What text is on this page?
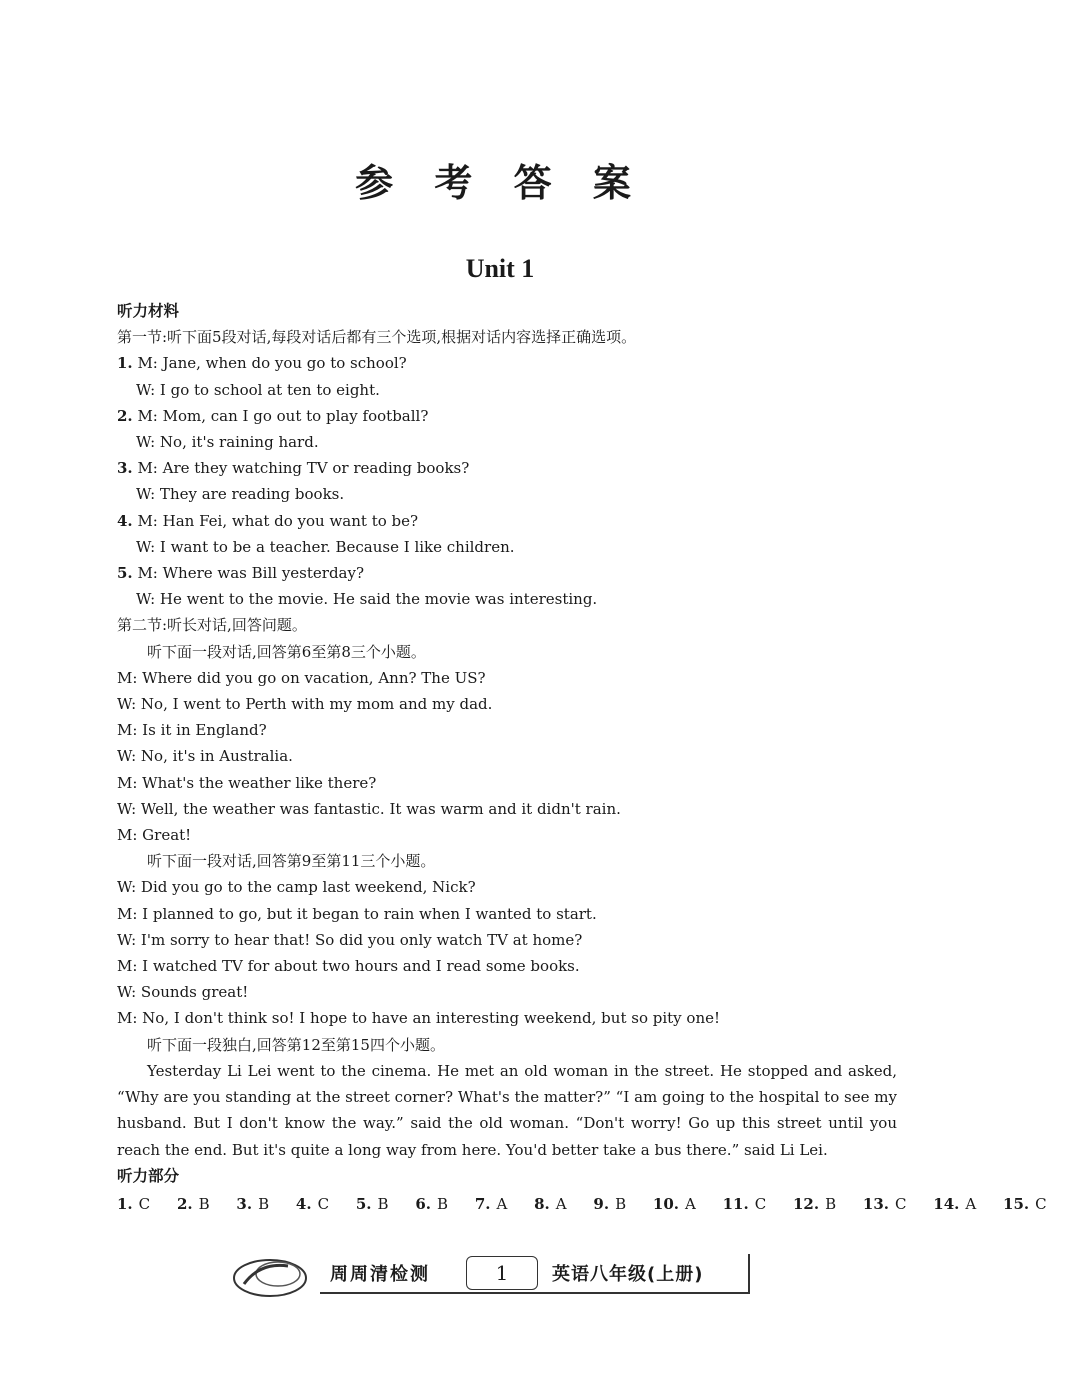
参 考 答 案
Unit 1
听力材料
第一节:听下面5段对话,每段对话后都有三个选项,根据对话内容选择正确选项。
1. M: Jane, when do you go to school?
W: I go to school at ten to eight.
2. M: Mom, can I go out to play football?
W: No, it's raining hard.
3. M: Are they watching TV or reading books?
W: They are reading books.
4. M: Han Fei, what do you want to be?
W: I want to be a teacher. Because I like children.
5. M: Where was Bill yesterday?
W: He went to the movie. He said the movie was interesting.
第二节:听长对话,回答问题。
听下面一段对话,回答第6至第8三个小题。
M: Where did you go on vacation, Ann? The US?
W: No, I went to Perth with my mom and my dad.
M: Is it in England?
W: No, it's in Australia.
M: What's the weather like there?
W: Well, the weather was fantastic. It was warm and it didn't rain.
M: Great!
听下面一段对话,回答第9至第11三个小题。
W: Did you go to the camp last weekend, Nick?
M: I planned to go, but it began to rain when I wanted to start.
W: I'm sorry to hear that! So did you only watch TV at home?
M: I watched TV for about two hours and I read some books.
W: Sounds great!
M: No, I don't think so! I hope to have an interesting weekend, but so pity one!
听下面一段独白,回答第12至第15四个小题。
Yesterday Li Lei went to the cinema. He met an old woman in the street. He stopped and asked, “Why are you standing at the street corner? What's the matter?” “I am going to the hospital to see my husband. But I don't know the way.” said the old woman. “Don't worry! Go up this street until you reach the end. But it's quite a long way from here. You'd better take a bus there.” said Li Lei.
听力部分
1. C 2. B 3. B 4. C 5. B 6. B 7. A 8. A 9. B 10. A 11. C 12. B 13. C 14. A 15. C
周周清检测	1	英语八年级(上册)
